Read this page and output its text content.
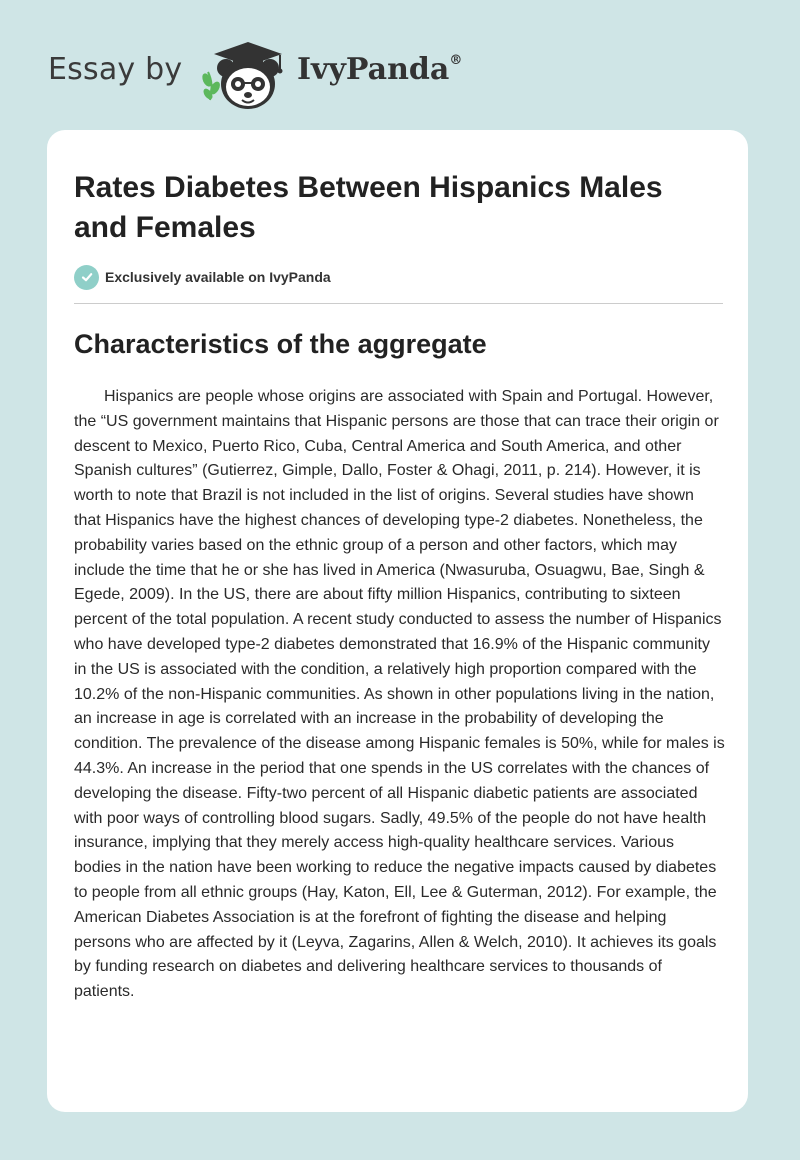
Essay by	IvyPanda®
Rates Diabetes Between Hispanics Males and Females
Exclusively available on IvyPanda
Characteristics of the aggregate

Hispanics are people whose origins are associated with Spain and Portugal. However, the “US government maintains that Hispanic persons are those that can trace their origin or descent to Mexico, Puerto Rico, Cuba, Central America and South America, and other Spanish cultures” (Gutierrez, Gimple, Dallo, Foster & Ohagi, 2011, p. 214). However, it is worth to note that Brazil is not included in the list of origins. Several studies have shown that Hispanics have the highest chances of developing type-2 diabetes. Nonetheless, the probability varies based on the ethnic group of a person and other factors, which may include the time that he or she has lived in America (Nwasuruba, Osuagwu, Bae, Singh & Egede, 2009). In the US, there are about fifty million Hispanics, contributing to sixteen percent of the total population. A recent study conducted to assess the number of Hispanics who have developed type-2 diabetes demonstrated that 16.9% of the Hispanic community in the US is associated with the condition, a relatively high proportion compared with the 10.2% of the non-Hispanic communities. As shown in other populations living in the nation, an increase in age is correlated with an increase in the probability of developing the condition. The prevalence of the disease among Hispanic females is 50%, while for males is 44.3%. An increase in the period that one spends in the US correlates with the chances of developing the disease. Fifty-two percent of all Hispanic diabetic patients are associated with poor ways of controlling blood sugars. Sadly, 49.5% of the people do not have health insurance, implying that they merely access high-quality healthcare services. Various bodies in the nation have been working to reduce the negative impacts caused by diabetes to people from all ethnic groups (Hay, Katon, Ell, Lee & Guterman, 2012). For example, the American Diabetes Association is at the forefront of fighting the disease and helping persons who are affected by it (Leyva, Zagarins, Allen & Welch, 2010). It achieves its goals by funding research on diabetes and delivering healthcare services to thousands of patients.
